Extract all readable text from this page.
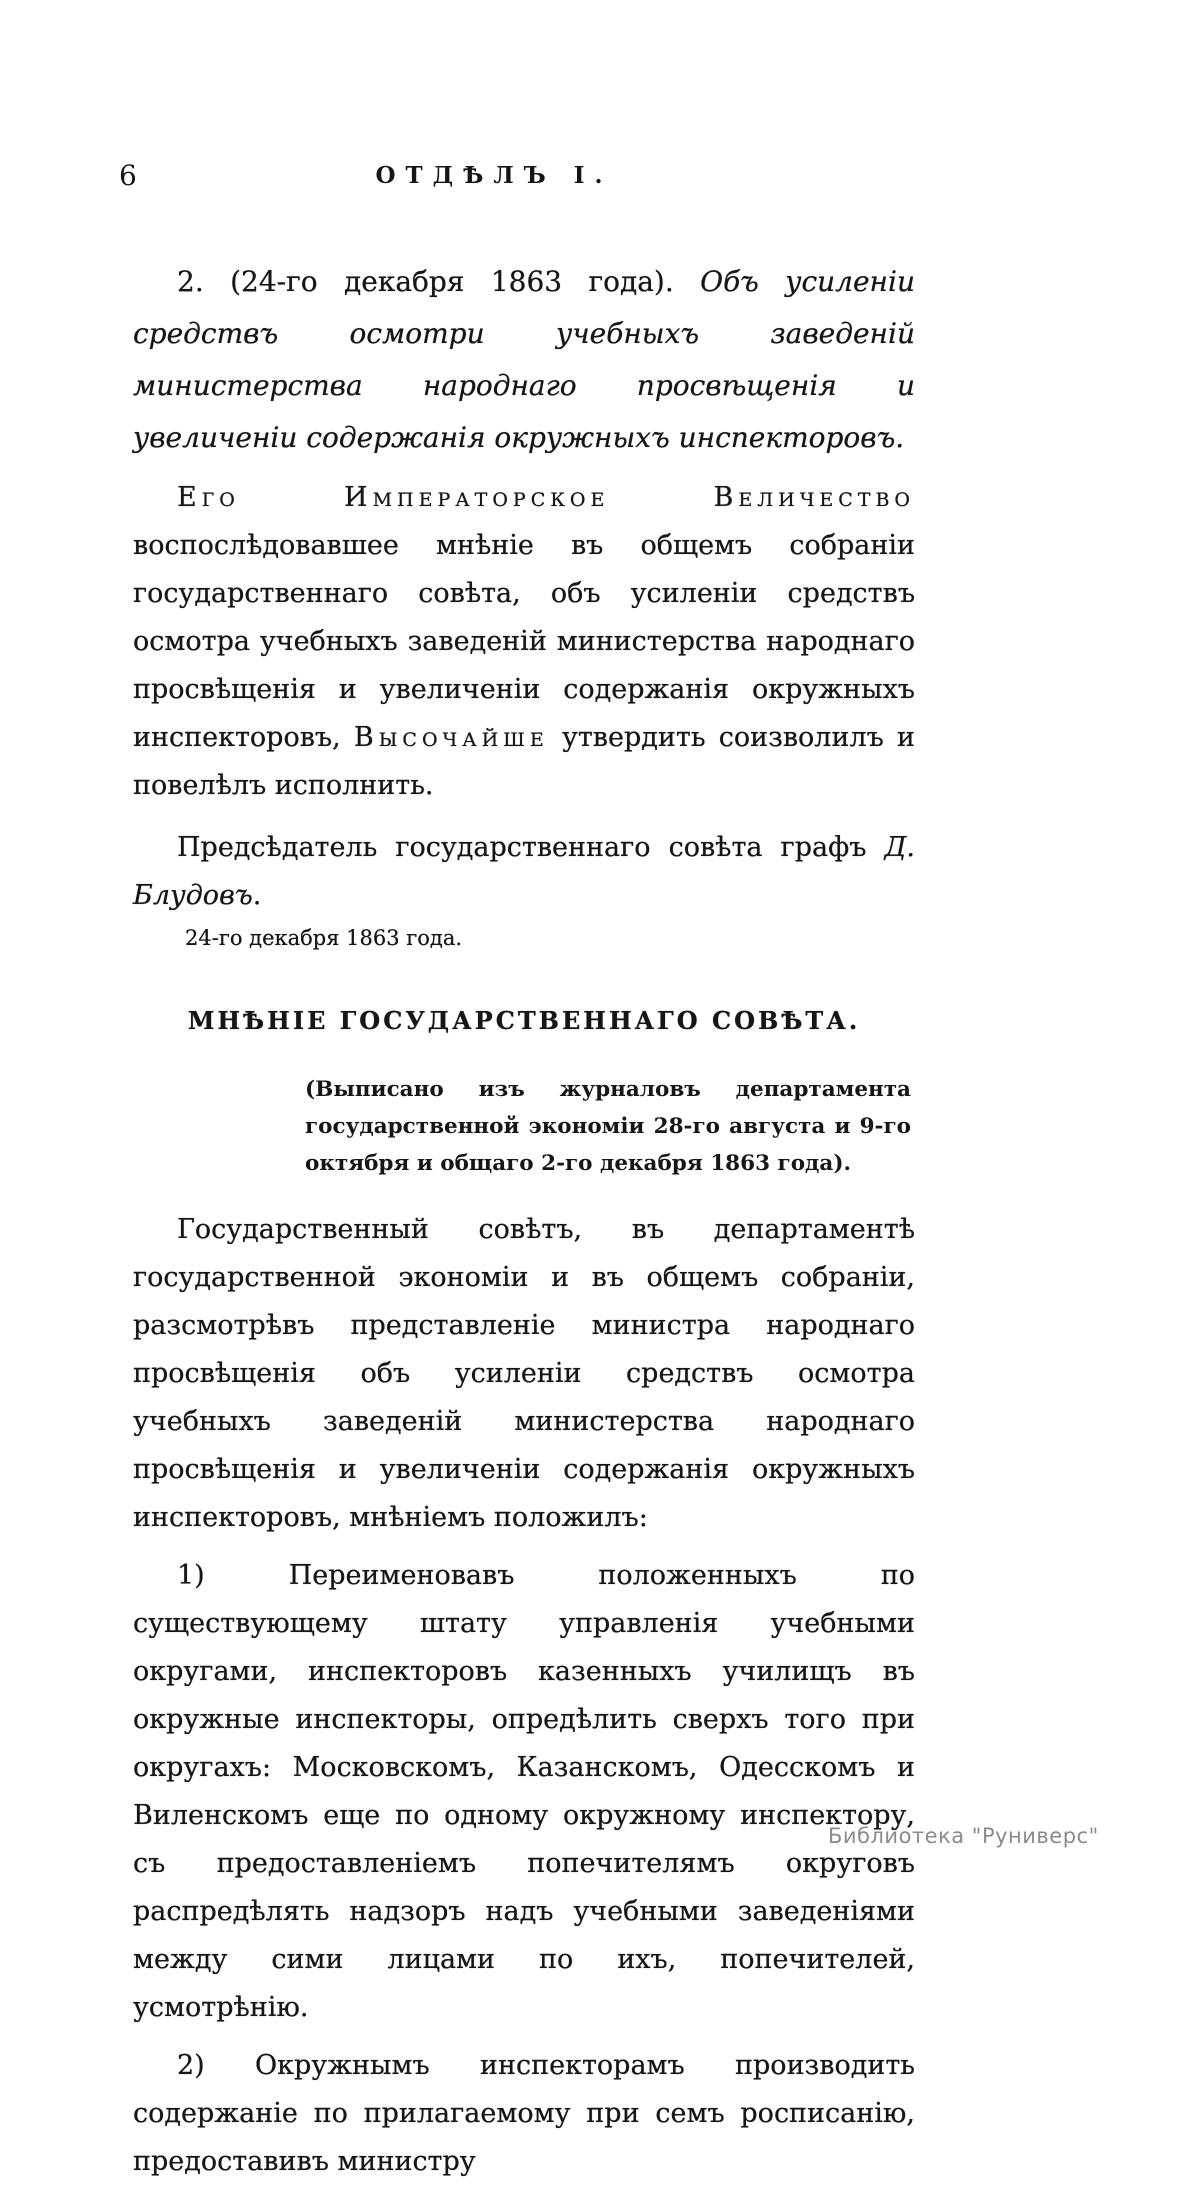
6	ОТДѢЛЪ I.

2. (24-го декабря 1863 года). Объ усиленіи средствъ осмотри учебныхъ заведеній министерства народнаго просвѣщенія и увеличеніи содержанія окружныхъ инспекторовъ.

Его Императорское Величество воспослѣдовавшее мнѣніе въ общемъ собраніи государственнаго совѣта, объ усиленіи средствъ осмотра учебныхъ заведеній министерства народнаго просвѣщенія и увеличеніи содержанія окружныхъ инспекторовъ, Высочайше утвердить соизволилъ и повелѣлъ исполнить.

Предсѣдатель государственнаго совѣта графъ Д. Блудовъ.

24-го декабря 1863 года.

МНѢНІЕ ГОСУДАРСТВЕННАГО СОВѢТА.

(Выписано изъ журналовъ департамента государственной экономіи 28-го августа и 9-го октября и общаго 2-го декабря 1863 года).

Государственный совѣтъ, въ департаментѣ государственной экономіи и въ общемъ собраніи, разсмотрѣвъ представленіе министра народнаго просвѣщенія объ усиленіи средствъ осмотра учебныхъ заведеній министерства народнаго просвѣщенія и увеличеніи содержанія окружныхъ инспекторовъ, мнѣніемъ положилъ:

1) Переименовавъ положенныхъ по существующему штату управленія учебными округами, инспекторовъ казенныхъ училищъ въ окружные инспекторы, опредѣлить сверхъ того при округахъ: Московскомъ, Казанскомъ, Одесскомъ и Виленскомъ еще по одному окружному инспектору, съ предоставленіемъ попечителямъ округовъ распредѣлять надзоръ надъ учебными заведеніями между сими лицами по ихъ, попечителей, усмотрѣнію.

2) Окружнымъ инспекторамъ производить содержаніе по прилагаемому при семъ росписанію, предоставивъ министру

Библиотека "Руниверс"
